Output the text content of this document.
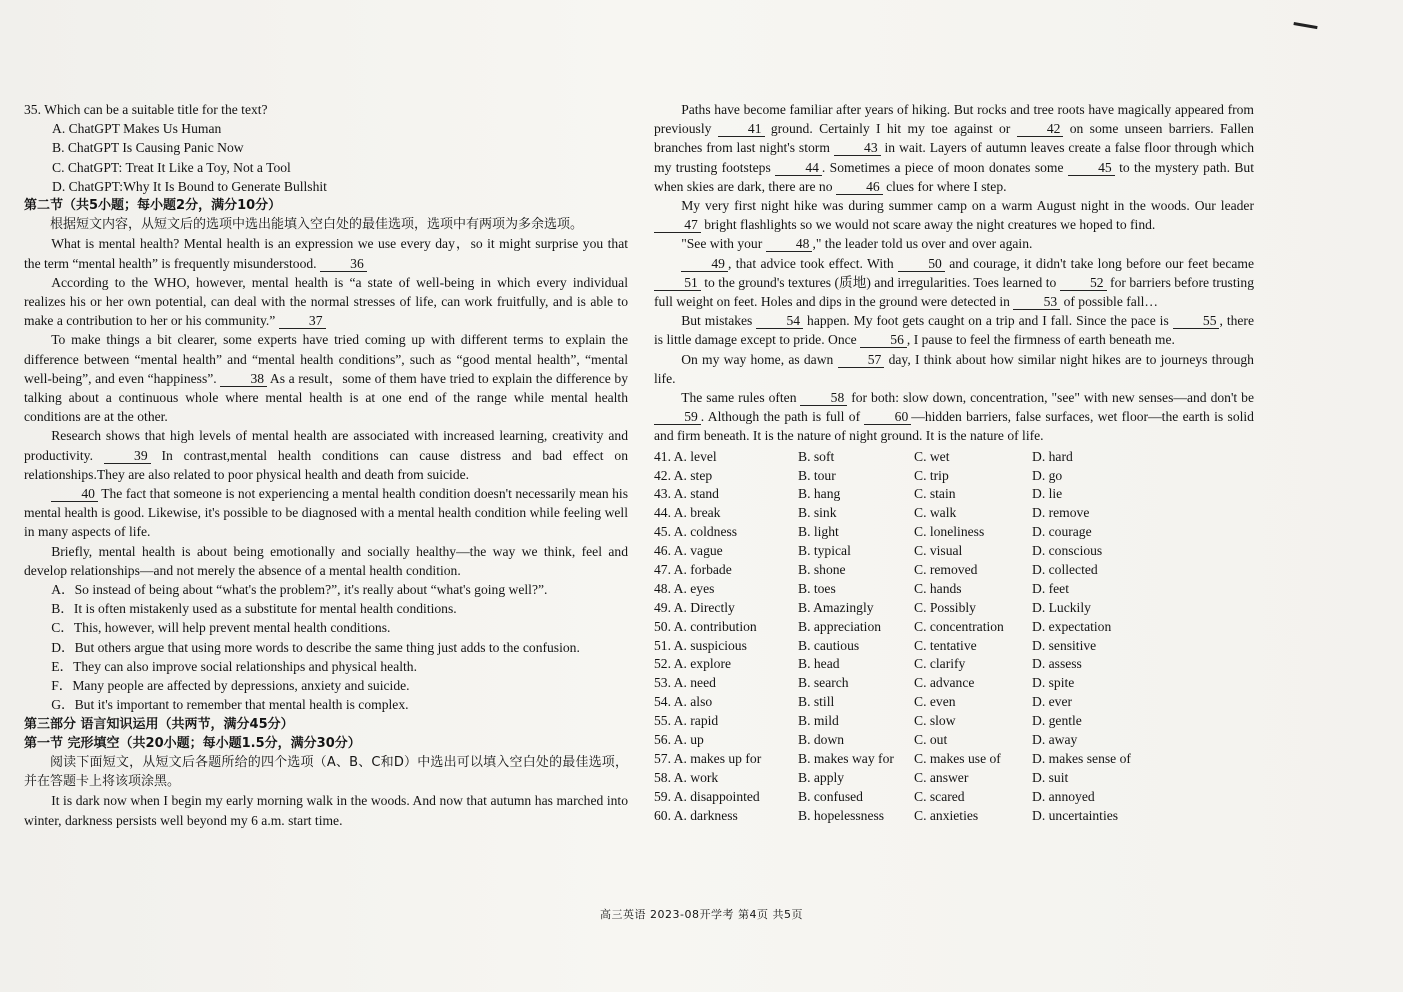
35. Which can be a suitable title for the text?

A. ChatGPT Makes Us Human

B. ChatGPT Is Causing Panic Now

C. ChatGPT: Treat It Like a Toy, Not a Tool

D. ChatGPT:Why It Is Bound to Generate Bullshit

第二节（共5小题；每小题2分，满分10分）

根据短文内容，从短文后的选项中选出能填入空白处的最佳选项，选项中有两项为多余选项。

What is mental health? Mental health is an expression we use every day，so it might surprise you that the term “mental health” is frequently misunderstood. 36

According to the WHO, however, mental health is “a state of well-being in which every individual realizes his or her own potential, can deal with the normal stresses of life, can work fruitfully, and is able to make a contribution to her or his community.” 37

To make things a bit clearer, some experts have tried coming up with different terms to explain the difference between “mental health” and “mental health conditions”, such as “good mental health”, “mental well-being”, and even “happiness”. 38 As a result，some of them have tried to explain the difference by talking about a continuous whole where mental health is at one end of the range while mental health conditions are at the other.

Research shows that high levels of mental health are associated with increased learning, creativity and productivity.	39 In contrast,mental health conditions can cause distress and bad effect on relationships.They are also related to poor physical health and death from suicide.

40 The fact that someone is not experiencing a mental health condition doesn't necessarily mean his mental health is good. Likewise, it's possible to be diagnosed with a mental health condition while feeling well in many aspects of life.

Briefly, mental health is about being emotionally and socially healthy—the way we think, feel and develop relationships—and not merely the absence of a mental health condition.

A．So instead of being about “what's the problem?”, it's really about “what's going well?”.

B．It is often mistakenly used as a substitute for mental health conditions.

C．This, however, will help prevent mental health conditions.

D．But others argue that using more words to describe the same thing just adds to the confusion.

E．They can also improve social relationships and physical health.

F．Many people are affected by depressions, anxiety and suicide.

G．But it's important to remember that mental health is complex.

第三部分 语言知识运用（共两节，满分45分）

第一节 完形填空（共20小题；每小题1.5分，满分30分）

阅读下面短文，从短文后各题所给的四个选项（A、B、C和D）中选出可以填入空白处的最佳选项，并在答题卡上将该项涂黑。

It is dark now when I begin my early morning walk in the woods. And now that autumn has marched into winter, darkness persists well beyond my 6 a.m. start time.

Paths have become familiar after years of hiking. But rocks and tree roots have magically appeared from previously	41 ground. Certainly I hit my toe against or	42 on some unseen barriers. Fallen branches from last night's storm	43 in wait. Layers of autumn leaves create a false floor through which my trusting footsteps	44 . Sometimes a piece of moon donates some	45 to the mystery path. But when skies are dark, there are no 46 clues for where I step.

My very first night hike was during summer camp on a warm August night in the woods. Our leader 47 bright flashlights so we would not scare away the night creatures we hoped to find.

"See with your 48 ," the leader told us over and over again.

49 , that advice took effect. With	50 and courage, it didn't take long before our feet became 51 to the ground's textures (质地) and irregularities. Toes learned to 52 for barriers before trusting full weight on feet. Holes and dips in the ground were detected in 53 of possible fall…

But mistakes	54 happen. My foot gets caught on a trip and I fall. Since the pace is	55 , there is little damage except to pride. Once 56 , I pause to feel the firmness of earth beneath me.

On my way home, as dawn	57 day, I think about how similar night hikes are to journeys through life.

The same rules often	58 for both: slow down, concentration, "see" with new senses—and don't be 59 . Although the path is full of	60 —hidden barriers, false surfaces, wet floor—the earth is solid and firm beneath. It is the nature of night ground. It is the nature of life.

41. A. level	B. soft	C. wet	D. hard
42. A. step	B. tour	C. trip	D. go
43. A. stand	B. hang	C. stain	D. lie
44. A. break	B. sink	C. walk	D. remove
45. A. coldness	B. light	C. loneliness	D. courage
46. A. vague	B. typical	C. visual	D. conscious
47. A. forbade	B. shone	C. removed	D. collected
48. A. eyes	B. toes	C. hands	D. feet
49. A. Directly	B. Amazingly	C. Possibly	D. Luckily
50. A. contribution	B. appreciation	C. concentration	D. expectation
51. A. suspicious	B. cautious	C. tentative	D. sensitive
52. A. explore	B. head	C. clarify	D. assess
53. A. need	B. search	C. advance	D. spite
54. A. also	B. still	C. even	D. ever
55. A. rapid	B. mild	C. slow	D. gentle
56. A. up	B. down	C. out	D. away
57. A. makes up for	B. makes way for	C. makes use of	D. makes sense of
58. A. work	B. apply	C. answer	D. suit
59. A. disappointed	B. confused	C. scared	D. annoyed
60. A. darkness	B. hopelessness	C. anxieties	D. uncertainties
高三英语 2023-08开学考 第4页 共5页
